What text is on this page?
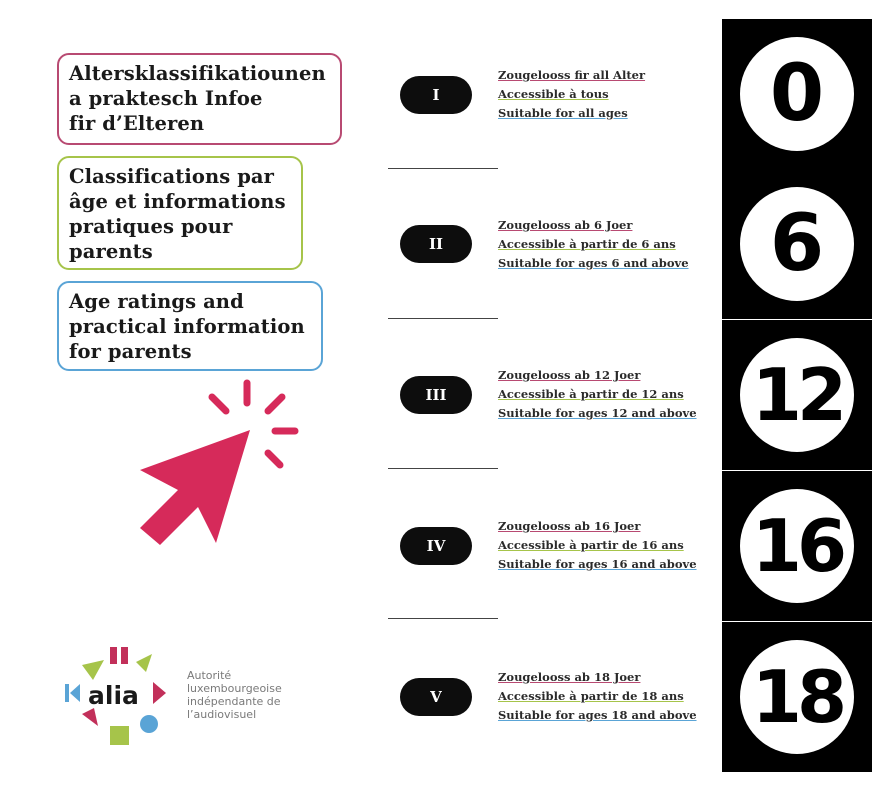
Altersklassifikatiounen
a praktesch Infoe
fir d’Elteren
Classifications par
âge et informations
pratiques pour
parents
Age ratings and
practical information
for parents
I
Zougelooss fir all Alter
Accessible à tous
Suitable for all ages
II
Zougelooss ab 6 Joer
Accessible à partir de 6 ans
Suitable for ages 6 and above
III
Zougelooss ab 12 Joer
Accessible à partir de 12 ans
Suitable for ages 12 and above
IV
Zougelooss ab 16 Joer
Accessible à partir de 16 ans
Suitable for ages 16 and above
V
Zougelooss ab 18 Joer
Accessible à partir de 18 ans
Suitable for ages 18 and above
0
6
12
16
18
alia
Autorité
luxembourgeoise
indépendante de
l’audiovisuel
